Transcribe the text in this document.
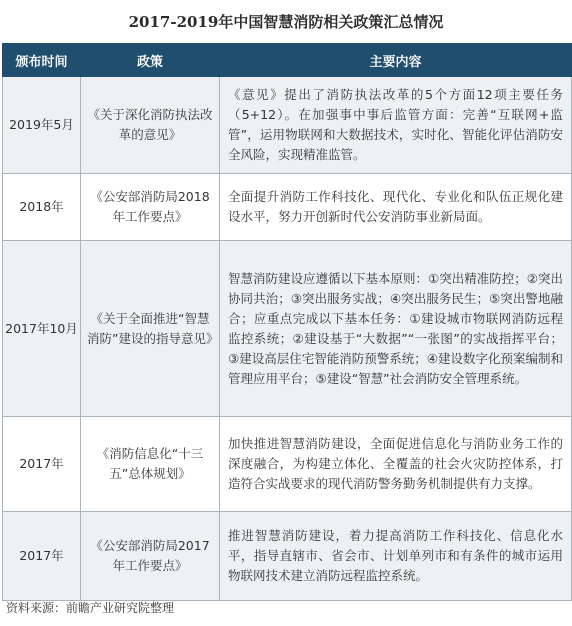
2017-2019年中国智慧消防相关政策汇总情况
颁布时间	政策	主要内容
2019年5月	《关于深化消防执法改革的意见》	《意见》提出了消防执法改革的5个方面12项主要任务（5+12）。在加强事中事后监管方面：完善“互联网+监管”，运用物联网和大数据技术，实时化、智能化评估消防安全风险，实现精准监管。
2018年	《公安部消防局2018年工作要点》	全面提升消防工作科技化、现代化、专业化和队伍正规化建设水平，努力开创新时代公安消防事业新局面。
2017年10月	《关于全面推进“智慧消防”建设的指导意见》	智慧消防建设应遵循以下基本原则：①突出精准防控；②突出协同共治；③突出服务实战；④突出服务民生；⑤突出警地融合；应重点完成以下基本任务：①建设城市物联网消防远程监控系统；②建设基于“大数据”“一张图”的实战指挥平台；③建设高层住宅智能消防预警系统；④建设数字化预案编制和管理应用平台；⑤建设“智慧”社会消防安全管理系统。
2017年	《消防信息化“十三五”总体规划》	加快推进智慧消防建设，全面促进信息化与消防业务工作的深度融合，为构建立体化、全覆盖的社会火灾防控体系，打造符合实战要求的现代消防警务勤务机制提供有力支撑。
2017年	《公安部消防局2017年工作要点》	推进智慧消防建设，着力提高消防工作科技化、信息化水平，指导直辖市、省会市、计划单列市和有条件的城市运用物联网技术建立消防远程监控系统。
资料来源：前瞻产业研究院整理
